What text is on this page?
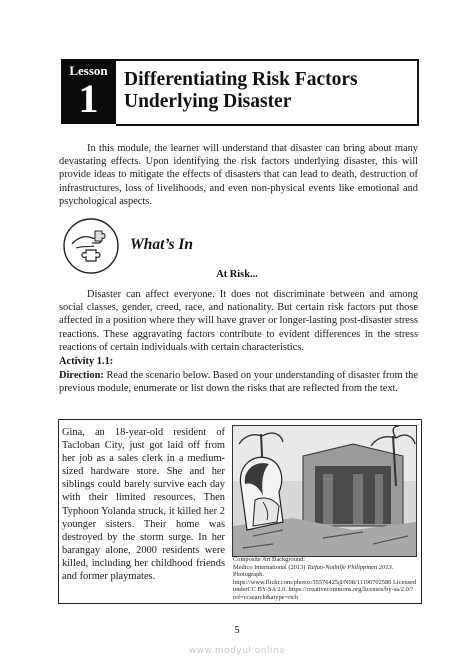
Lesson
1	Differentiating Risk Factors
Underlying Disaster
In this module, the learner will understand that disaster can bring about many devastating effects. Upon identifying the risk factors underlying disaster, this will provide ideas to mitigate the effects of disasters that can lead to death, destruction of infrastructures, loss of livelihoods, and even non-physical events like emotional and psychological aspects.
What’s In
At Risk...
Disaster can affect everyone. It does not discriminate between and among social classes, gender, creed, race, and nationality. But certain risk factors put those affected in a position where they will have graver or longer-lasting post-disaster stress reactions. These aggravating factors contribute to evident differences in the stress reactions of certain individuals with certain characteristics.
Activity 1.1:
Direction: Read the scenario below. Based on your understanding of disaster from the previous module, enumerate or list down the risks that are reflected from the text.
Gina, an 18-year-old resident of Tacloban City, just got laid off from her job as a sales clerk in a medium-sized hardware store. She and her siblings could barely survive each day with their limited resources. Then Typhoon Yolanda struck, it killed her 2 younger sisters. Their home was destroyed by the storm surge. In her barangay alone, 2000 residents were killed, including her childhood friends and former playmates.
Composite Art Background:
Medico International (2013) Taifun-Nothilfe Philippinen 2013. Photograph. https://www.flickr.com/photos/35576425@N08/11190702586 Licensed underCC BY-SA 2.0. https://creativecommons.org/licenses/by-sa/2.0/?ref=ccsearch&atype=rich
5
www.modyul.online
